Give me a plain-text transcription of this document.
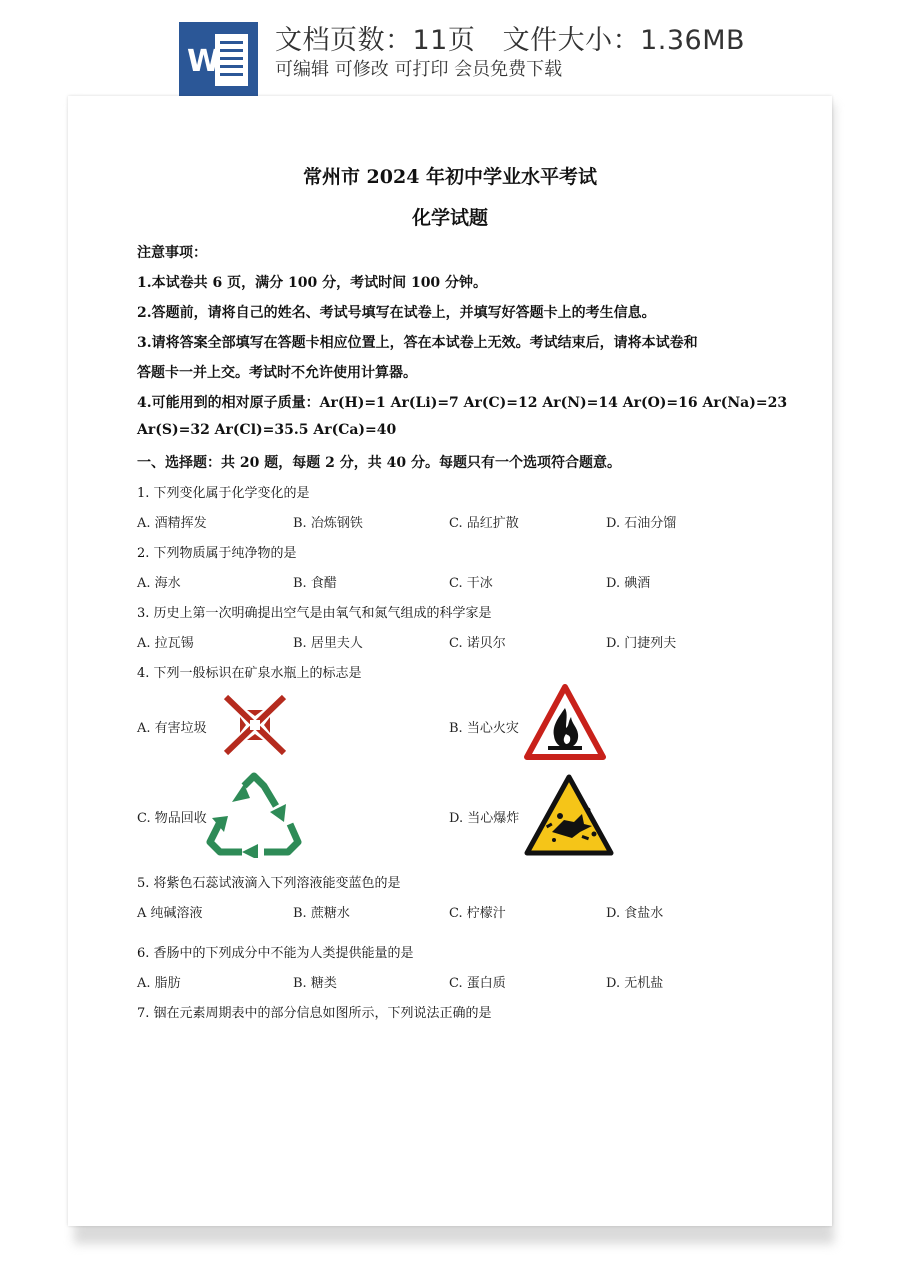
W
文档页数：11页   文件大小：1.36MB
可编辑 可修改 可打印 会员免费下载
常州市 2024 年初中学业水平考试
化学试题
注意事项：
1.本试卷共 6 页，满分 100 分，考试时间 100 分钟。
2.答题前，请将自己的姓名、考试号填写在试卷上，并填写好答题卡上的考生信息。
3.请将答案全部填写在答题卡相应位置上，答在本试卷上无效。考试结束后，请将本试卷和
答题卡一并上交。考试时不允许使用计算器。
4.可能用到的相对原子质量：Ar(H)=1 Ar(Li)=7 Ar(C)=12 Ar(N)=14 Ar(O)=16 Ar(Na)=23
Ar(S)=32 Ar(Cl)=35.5 Ar(Ca)=40
一、选择题：共 20 题，每题 2 分，共 40 分。每题只有一个选项符合题意。
1. 下列变化属于化学变化的是
A. 酒精挥发	B. 冶炼钢铁	C. 品红扩散	D. 石油分馏
2. 下列物质属于纯净物的是
A. 海水	B. 食醋	C. 干冰	D. 碘酒
3. 历史上第一次明确提出空气是由氧气和氮气组成的科学家是
A. 拉瓦锡	B. 居里夫人	C. 诺贝尔	D. 门捷列夫
4. 下列一般标识在矿泉水瓶上的标志是
A. 有害垃圾	B. 当心火灾
C. 物品回收	D. 当心爆炸
5. 将紫色石蕊试液滴入下列溶液能变蓝色的是
A 纯碱溶液	B. 蔗糖水	C. 柠檬汁	D. 食盐水
6. 香肠中的下列成分中不能为人类提供能量的是
A. 脂肪	B. 糖类	C. 蛋白质	D. 无机盐
7. 铟在元素周期表中的部分信息如图所示，下列说法正确的是
